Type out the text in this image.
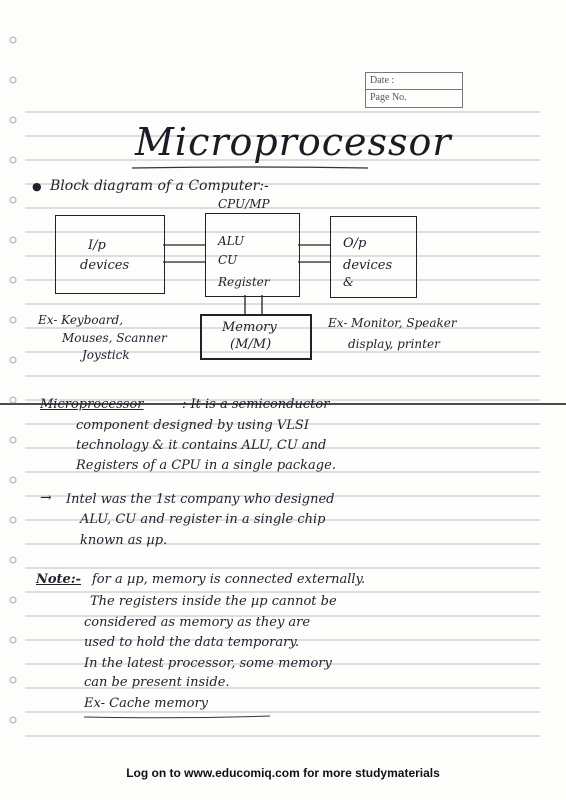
Date :
Page No.
Microprocessor
● Block diagram of a Computer:-
CPU/MP
I/p
devices
ALU
CU
Register
O/p
devices
&
Memory
(M/M)
Ex- Keyboard,
Mouses, Scanner
Joystick
Ex- Monitor, Speaker
display, printer
Microprocessor	: It is a semiconductor
component designed by using VLSI
technology & it contains ALU, CU and
Registers of a CPU in a single package.
→ Intel was the 1st company who designed
ALU, CU and register in a single chip
known as µp.
Note:- for a µp, memory is connected externally.
The registers inside the µp cannot be
considered as memory as they are
used to hold the data temporary.
In the latest processor, some memory
can be present inside.
Ex- Cache memory
Log on to www.educomiq.com for more studymaterials
